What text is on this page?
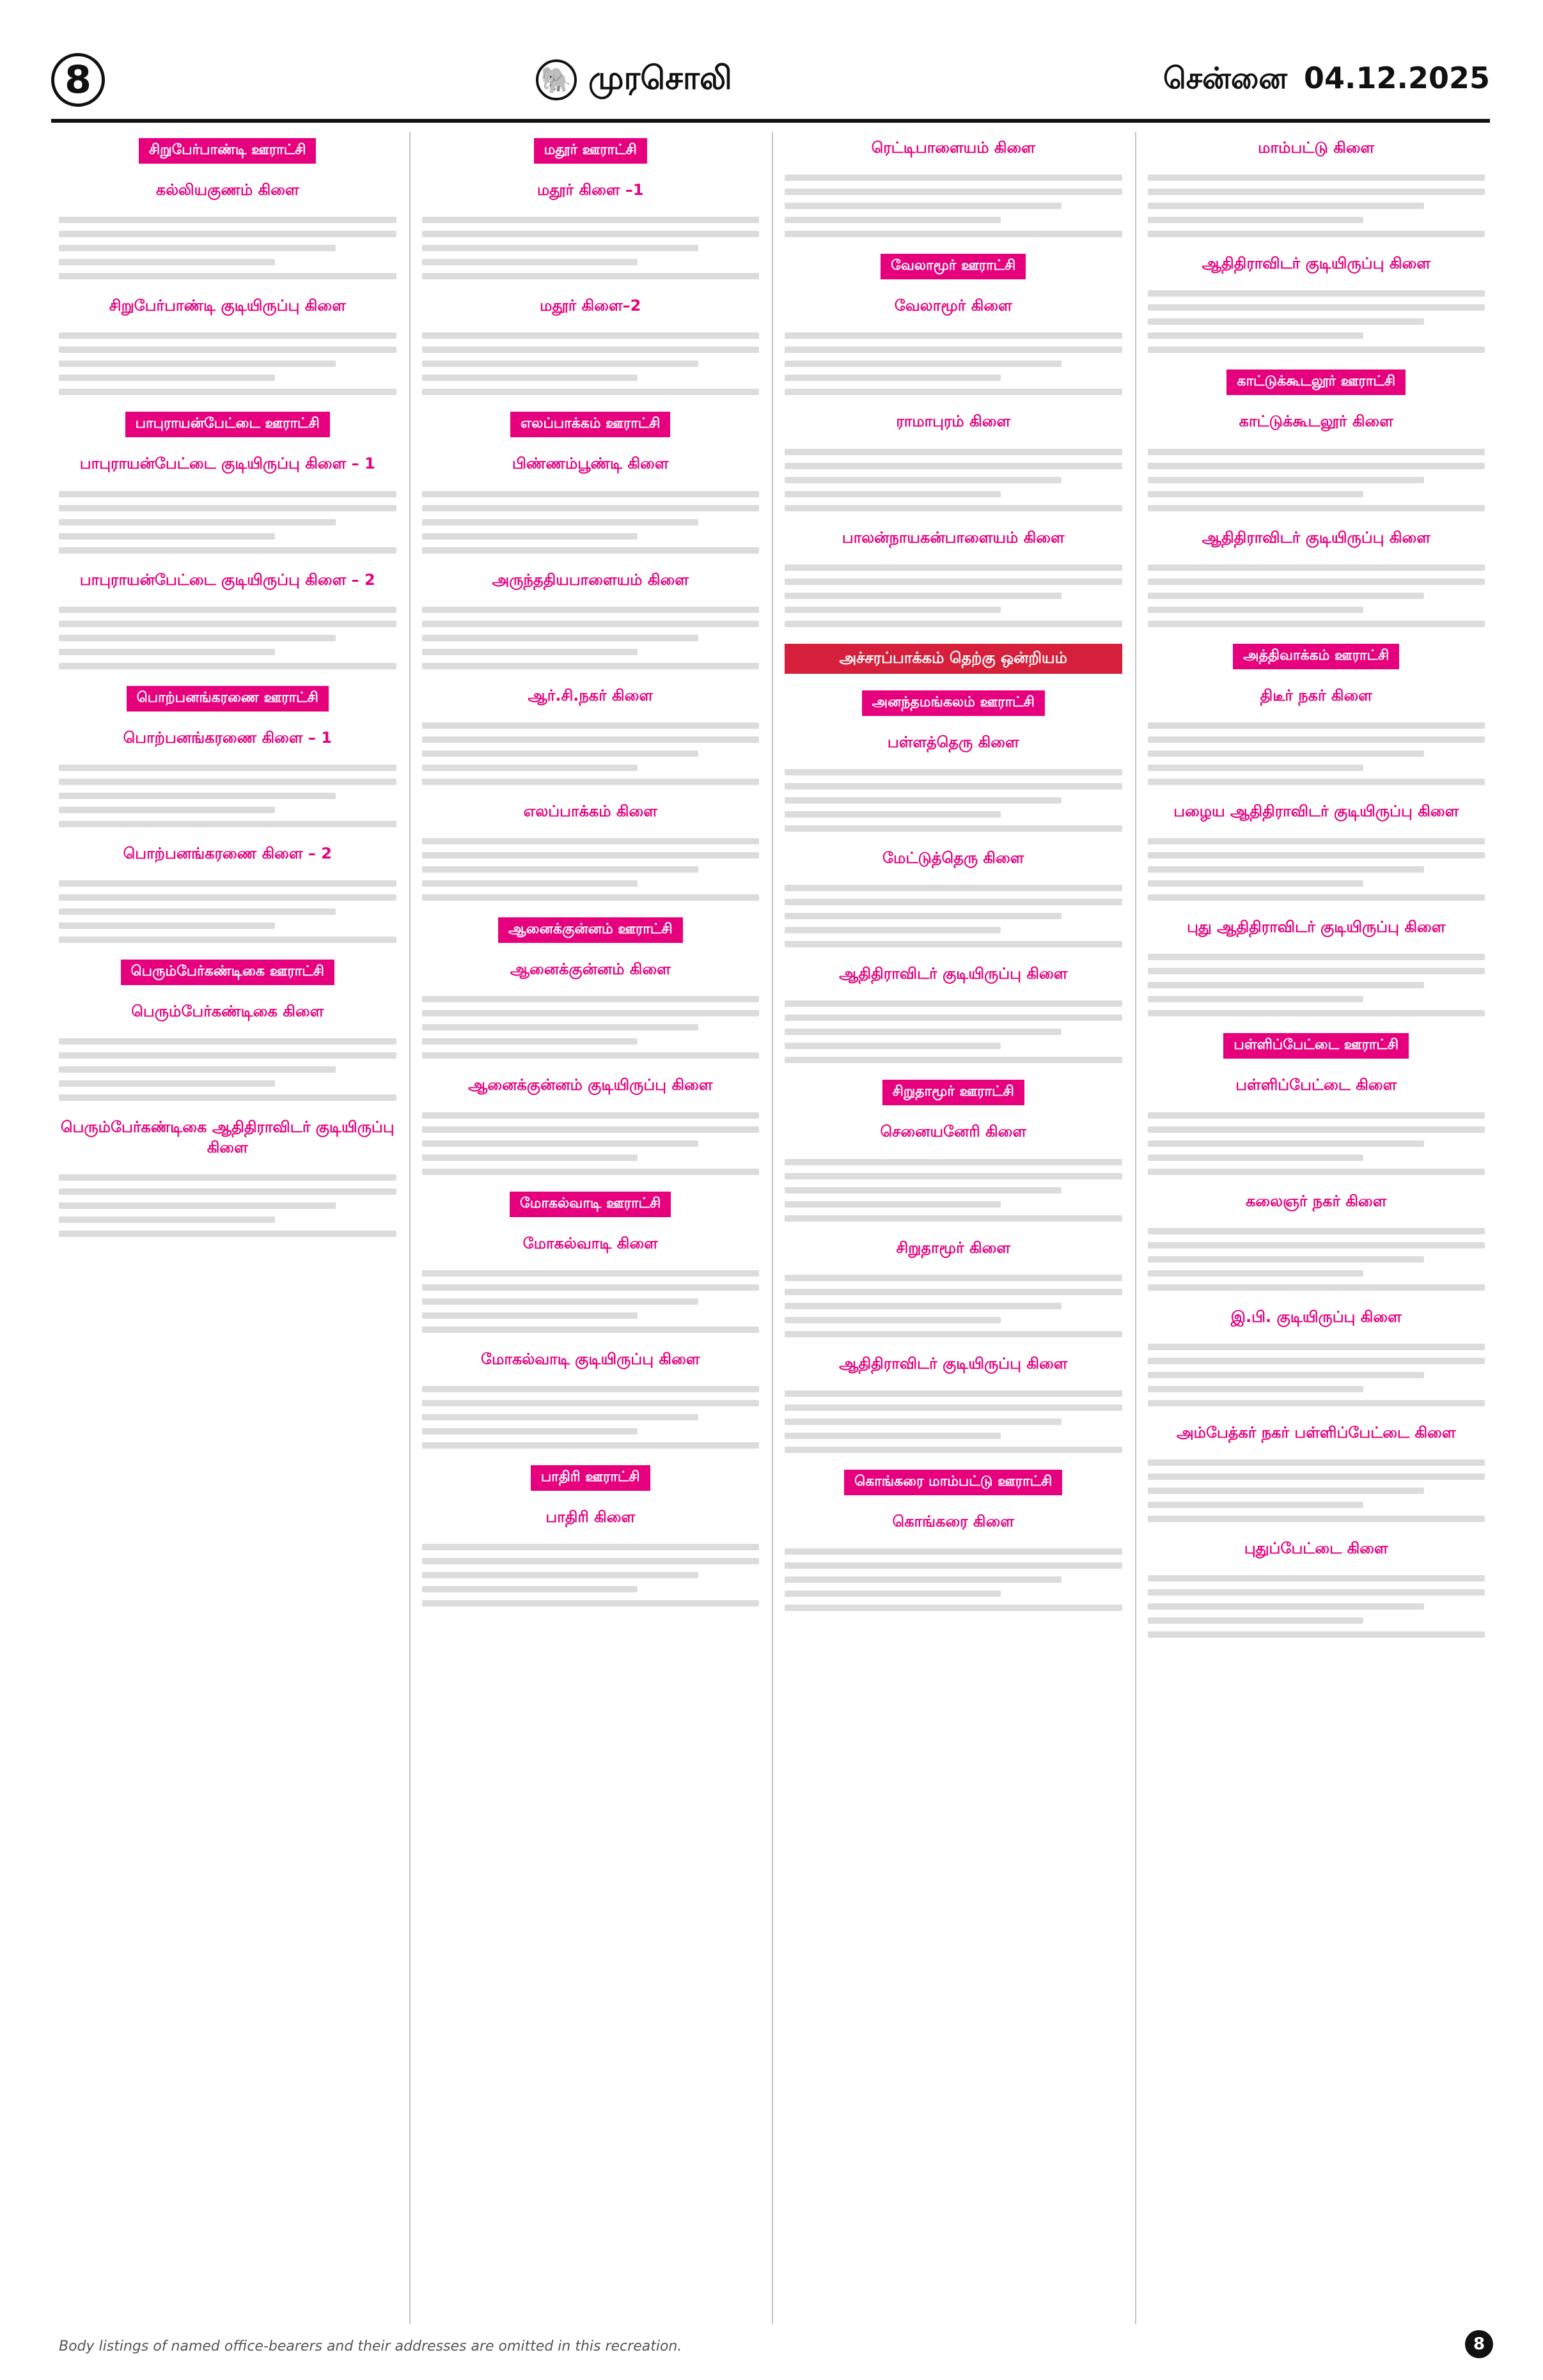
8	🐘 முரசொலி	சென்னை 04.12.2025
சிறுபேர்பாண்டி ஊராட்சி
கல்லியகுணம் கிளை
சிறுபேர்பாண்டி குடியிருப்பு கிளை
பாபுராயன்பேட்டை ஊராட்சி
பாபுராயன்பேட்டை குடியிருப்பு கிளை – 1
பாபுராயன்பேட்டை குடியிருப்பு கிளை – 2
பொற்பனங்கரணை ஊராட்சி
பொற்பனங்கரணை கிளை – 1
பொற்பனங்கரணை கிளை – 2
பெரும்பேர்கண்டிகை ஊராட்சி
பெரும்பேர்கண்டிகை கிளை
பெரும்பேர்கண்டிகை ஆதிதிராவிடர் குடியிருப்பு கிளை
மதூர் ஊராட்சி
மதூர் கிளை –1
மதூர் கிளை–2
எலப்பாக்கம் ஊராட்சி
பிண்ணம்பூண்டி கிளை
அருந்ததியபாளையம் கிளை
ஆர்.சி.நகர் கிளை
எலப்பாக்கம் கிளை
ஆனைக்குன்னம் ஊராட்சி
ஆனைக்குன்னம் கிளை
ஆனைக்குன்னம் குடியிருப்பு கிளை
மோகல்வாடி ஊராட்சி
மோகல்வாடி கிளை
மோகல்வாடி குடியிருப்பு கிளை
பாதிரி ஊராட்சி
பாதிரி கிளை
ரெட்டிபாளையம் கிளை
வேலாமூர் ஊராட்சி
வேலாமூர் கிளை
ராமாபுரம் கிளை
பாலன்நாயகன்பாளையம் கிளை
அச்சரப்பாக்கம் தெற்கு ஒன்றியம்
அனந்தமங்கலம் ஊராட்சி
பள்ளத்தெரு கிளை
மேட்டுத்தெரு கிளை
ஆதிதிராவிடர் குடியிருப்பு கிளை
சிறுதாமூர் ஊராட்சி
செனையனேரி கிளை
சிறுதாமூர் கிளை
ஆதிதிராவிடர் குடியிருப்பு கிளை
கொங்கரை மாம்பட்டு ஊராட்சி
கொங்கரை கிளை
மாம்பட்டு கிளை
ஆதிதிராவிடர் குடியிருப்பு கிளை
காட்டுக்கூடலூர் ஊராட்சி
காட்டுக்கூடலூர் கிளை
ஆதிதிராவிடர் குடியிருப்பு கிளை
அத்திவாக்கம் ஊராட்சி
திடீர் நகர் கிளை
பழைய ஆதிதிராவிடர் குடியிருப்பு கிளை
புது ஆதிதிராவிடர் குடியிருப்பு கிளை
பள்ளிப்பேட்டை ஊராட்சி
பள்ளிப்பேட்டை கிளை
கலைஞர் நகர் கிளை
இ.பி. குடியிருப்பு கிளை
அம்பேத்கர் நகர் பள்ளிப்பேட்டை கிளை
புதுப்பேட்டை கிளை
Body listings of named office-bearers and their addresses are omitted in this recreation.	8
